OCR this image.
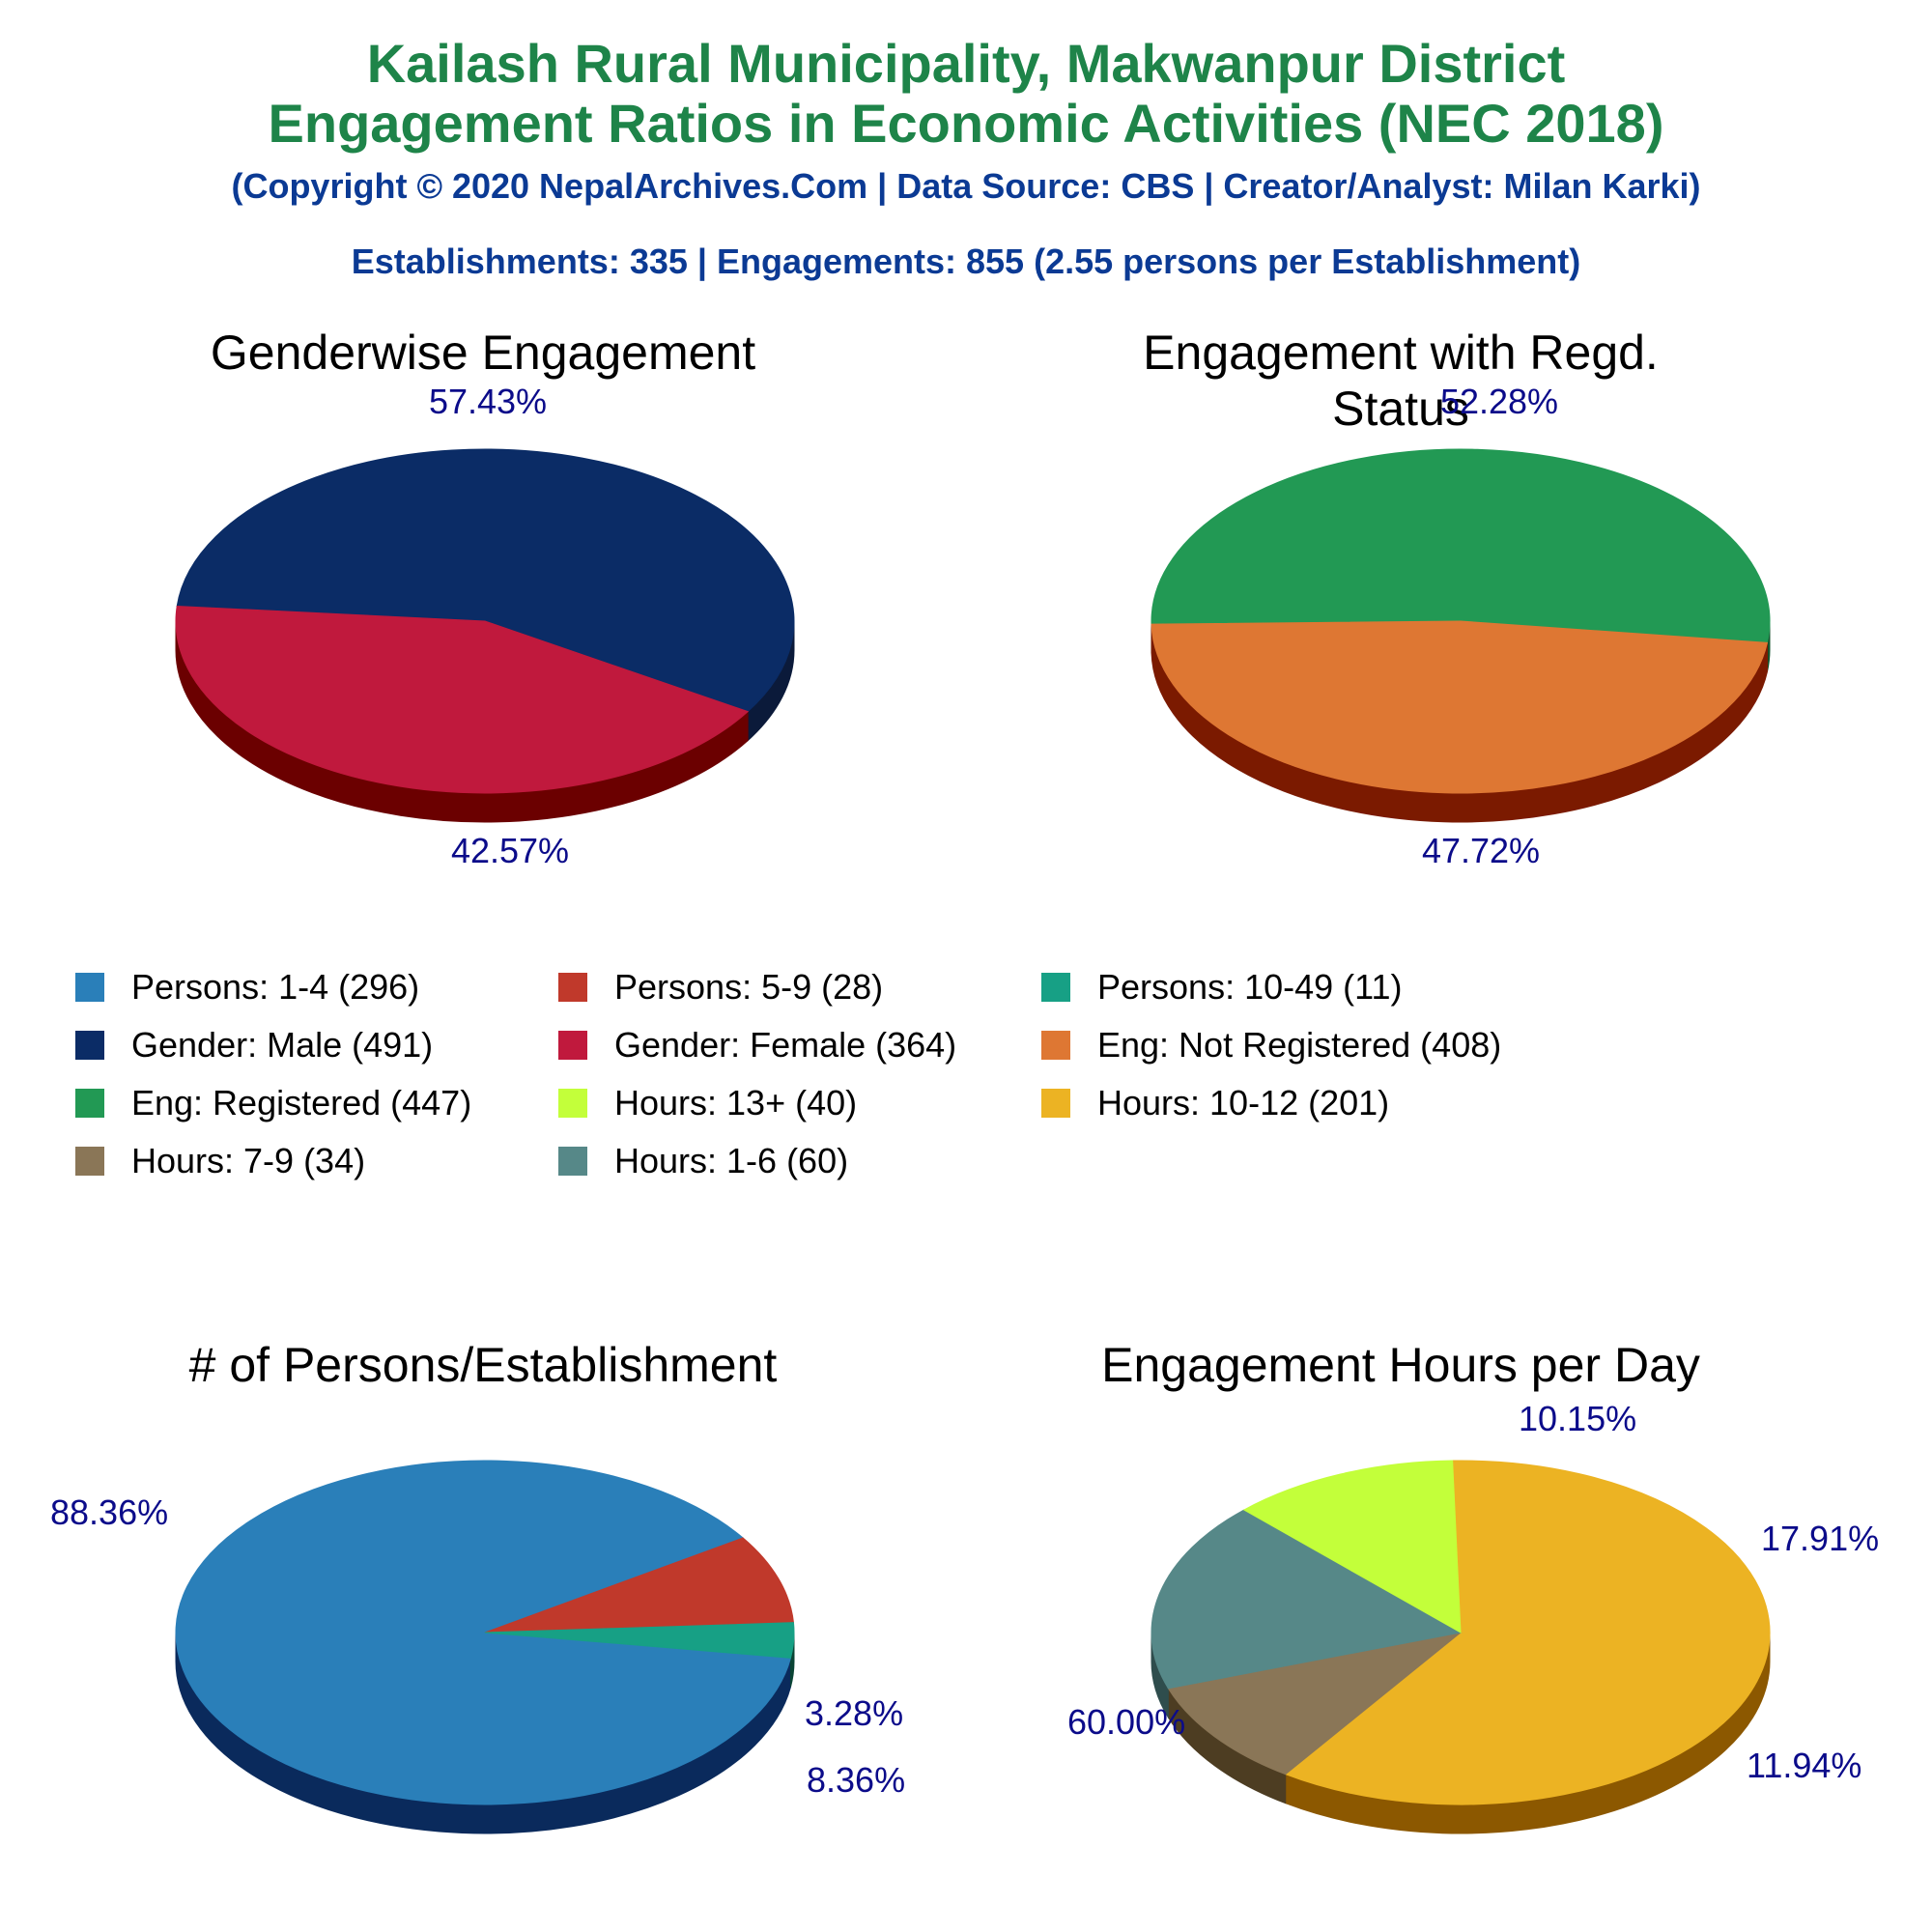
Kailash Rural Municipality, Makwanpur District
Engagement Ratios in Economic Activities (NEC 2018)
(Copyright © 2020 NepalArchives.Com | Data Source: CBS | Creator/Analyst: Milan Karki)
Establishments: 335 | Engagements: 855 (2.55 persons per Establishment)
Genderwise Engagement	Engagement with Regd. Status
# of Persons/Establishment	Engagement Hours per Day
57.43%
42.57%
52.28%
47.72%
88.36%
8.36%
3.28%	60.00%
10.15%
17.91%
11.94%
Persons: 1-4 (296)	Persons: 5-9 (28)	Persons: 10-49 (11)
Gender: Male (491)	Gender: Female (364)	Eng: Not Registered (408)
Eng: Registered (447)	Hours: 13+ (40)	Hours: 10-12 (201)
Hours: 7-9 (34)	Hours: 1-6 (60)
